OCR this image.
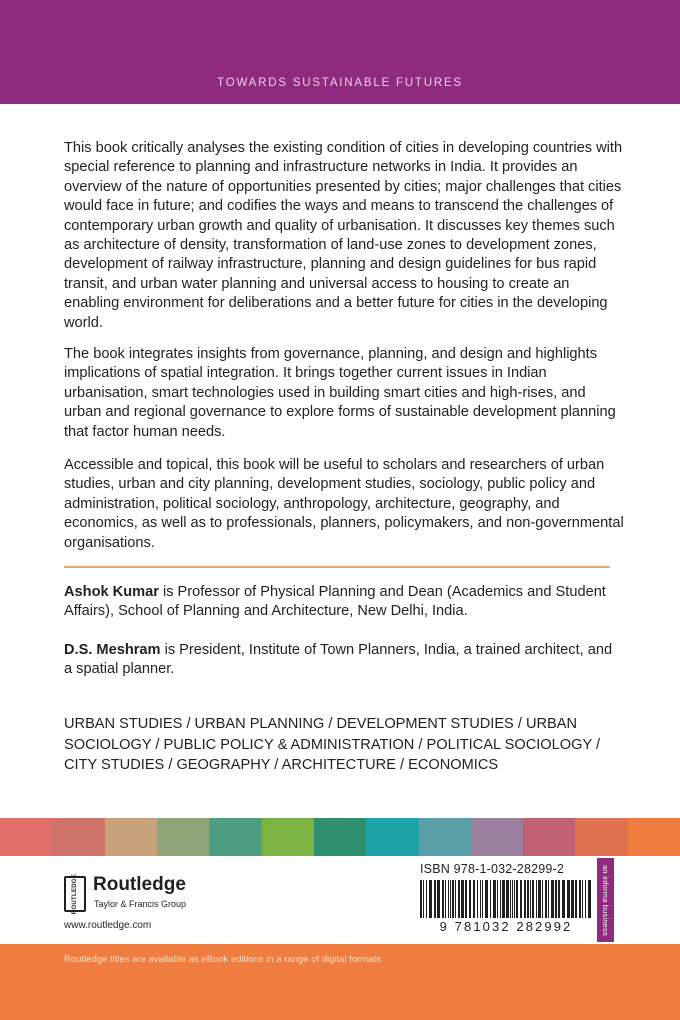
TOWARDS SUSTAINABLE FUTURES
This book critically analyses the existing condition of cities in developing countries with special reference to planning and infrastructure networks in India. It provides an overview of the nature of opportunities presented by cities; major challenges that cities would face in future; and codifies the ways and means to transcend the challenges of contemporary urban growth and quality of urbanisation. It discusses key themes such as architecture of density, transformation of land-use zones to development zones, development of railway infrastructure, planning and design guidelines for bus rapid transit, and urban water planning and universal access to housing to create an enabling environment for deliberations and a better future for cities in the developing world.
The book integrates insights from governance, planning, and design and highlights implications of spatial integration. It brings together current issues in Indian urbanisation, smart technologies used in building smart cities and high-rises, and urban and regional governance to explore forms of sustainable development planning that factor human needs.
Accessible and topical, this book will be useful to scholars and researchers of urban studies, urban and city planning, development studies, sociology, public policy and administration, political sociology, anthropology, architecture, geography, and economics, as well as to professionals, planners, policymakers, and non-governmental organisations.
Ashok Kumar is Professor of Physical Planning and Dean (Academics and Student Affairs), School of Planning and Architecture, New Delhi, India.
D.S. Meshram is President, Institute of Town Planners, India, a trained architect, and a spatial planner.
URBAN STUDIES / URBAN PLANNING / DEVELOPMENT STUDIES / URBAN SOCIOLOGY / PUBLIC POLICY & ADMINISTRATION / POLITICAL SOCIOLOGY / CITY STUDIES / GEOGRAPHY / ARCHITECTURE / ECONOMICS
ROUTLEDGE Routledge
Taylor & Francis Group
www.routledge.com
ISBN 978-1-032-28299-2
9 781032 282992	an informa business
Routledge titles are available as eBook editions in a range of digital formats
